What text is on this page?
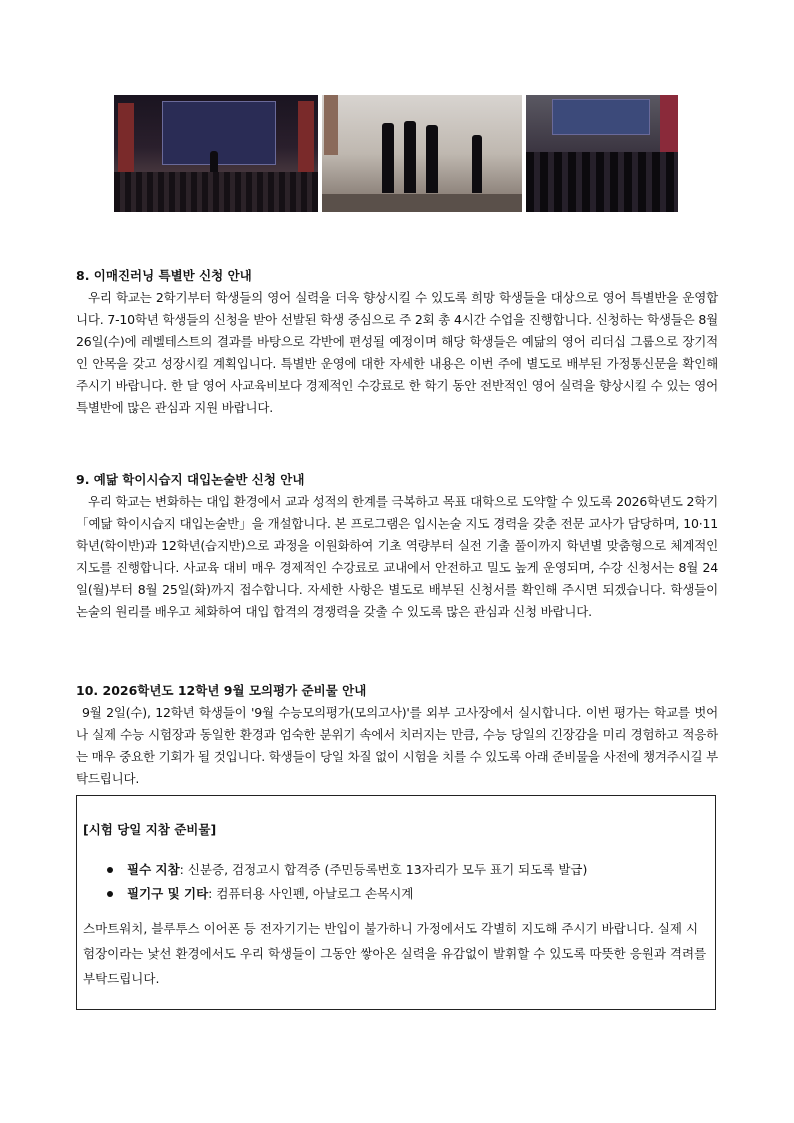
8. 이매진러닝 특별반 신청 안내
우리 학교는 2학기부터 학생들의 영어 실력을 더욱 향상시킬 수 있도록 희망 학생들을 대상으로 영어 특별반을 운영합니다. 7-10학년 학생들의 신청을 받아 선발된 학생 중심으로 주 2회 총 4시간 수업을 진행합니다. 신청하는 학생들은 8월 26일(수)에 레벨테스트의 결과를 바탕으로 각반에 편성될 예정이며 해당 학생들은 예닮의 영어 리더십 그룹으로 장기적인 안목을 갖고 성장시킬 계획입니다. 특별반 운영에 대한 자세한 내용은 이번 주에 별도로 배부된 가정통신문을 확인해 주시기 바랍니다. 한 달 영어 사교육비보다 경제적인 수강료로 한 학기 동안 전반적인 영어 실력을 향상시킬 수 있는 영어 특별반에 많은 관심과 지원 바랍니다.
9. 예닮 학이시습지 대입논술반 신청 안내
우리 학교는 변화하는 대입 환경에서 교과 성적의 한계를 극복하고 목표 대학으로 도약할 수 있도록 2026학년도 2학기「예닮 학이시습지 대입논술반」을 개설합니다. 본 프로그램은 입시논술 지도 경력을 갖춘 전문 교사가 담당하며, 10·11학년(학이반)과 12학년(습지반)으로 과정을 이원화하여 기초 역량부터 실전 기출 풀이까지 학년별 맞춤형으로 체계적인 지도를 진행합니다. 사교육 대비 매우 경제적인 수강료로 교내에서 안전하고 밀도 높게 운영되며, 수강 신청서는 8월 24일(월)부터 8월 25일(화)까지 접수합니다. 자세한 사항은 별도로 배부된 신청서를 확인해 주시면 되겠습니다. 학생들이 논술의 원리를 배우고 체화하여 대입 합격의 경쟁력을 갖출 수 있도록 많은 관심과 신청 바랍니다.
10. 2026학년도 12학년 9월 모의평가 준비물 안내
9월 2일(수), 12학년 학생들이 '9월 수능모의평가(모의고사)'를 외부 고사장에서 실시합니다. 이번 평가는 학교를 벗어나 실제 수능 시험장과 동일한 환경과 엄숙한 분위기 속에서 치러지는 만큼, 수능 당일의 긴장감을 미리 경험하고 적응하는 매우 중요한 기회가 될 것입니다. 학생들이 당일 차질 없이 시험을 치를 수 있도록 아래 준비물을 사전에 챙겨주시길 부탁드립니다.
[시험 당일 지참 준비물]
필수 지참: 신분증, 검정고시 합격증 (주민등록번호 13자리가 모두 표기 되도록 발급)
필기구 및 기타: 컴퓨터용 사인펜, 아날로그 손목시계
스마트워치, 블루투스 이어폰 등 전자기기는 반입이 불가하니 가정에서도 각별히 지도해 주시기 바랍니다. 실제 시험장이라는 낯선 환경에서도 우리 학생들이 그동안 쌓아온 실력을 유감없이 발휘할 수 있도록 따뜻한 응원과 격려를 부탁드립니다.
